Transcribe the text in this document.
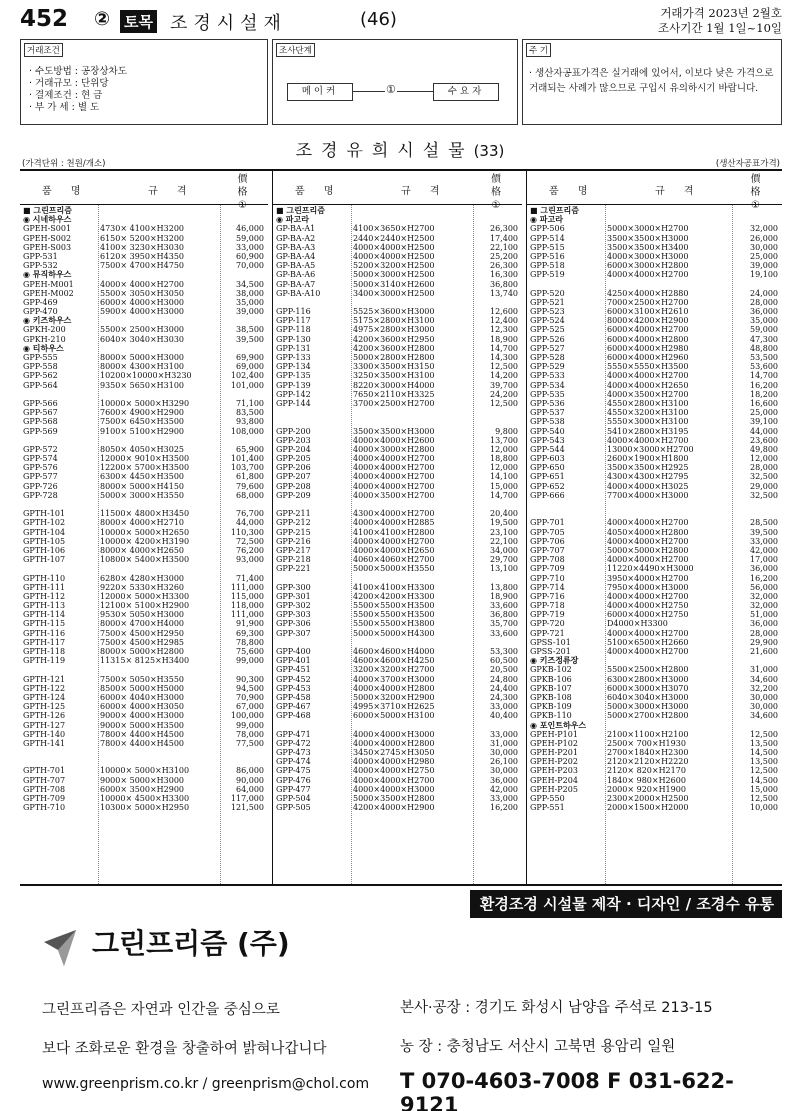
452 ② 토목 조경시설재	(46)	거래가격 2023년 2월호
조사기간 1월 1일~10일
거래조건
· 수도방법 : 공장상차도
· 거래규모 : 단위당
· 결제조건 : 현 금
· 부 가 세 : 별 도
조사단계
메이커	①	수요자
주 기
· 생산자공표가격은 실거래에 있어서, 이보다 낮은 가격으로 거래되는 사례가 많으므로 구입시 유의하시기 바랍니다.
조경유희시설물(33)
(가격단위 : 천원/개소)	(생산자공표가격)
품 명	규 격
價 格
①
■ 그린프리즘
◉ 시네하우스
GPEH-S001	4730× 4100×H3200	46,000
GPEH-S002	6150× 5200×H3200	59,000
GPEH-S003	4100× 3230×H3030	33,000
GPP-531	6120× 3950×H4350	60,900
GPP-532	7500× 4700×H4750	70,000
◉ 뮤직하우스
GPEH-M001	4000× 4000×H2700	34,500
GPEH-M002	5500× 3050×H3050	38,000
GPP-469	6000× 4000×H3000	35,000
GPP-470	5900× 4000×H3000	39,000
◉ 키즈하우스
GPKH-200	5500× 2500×H3000	38,500
GPKH-210	6040× 3040×H3030	39,500
◉ 티하우스
GPP-555	8000× 5000×H3000	69,900
GPP-558	8000× 4300×H3100	69,000
GPP-562	10200×10000×H3230	102,400
GPP-564	9350× 5650×H3100	101,000
GPP-566	10000× 5000×H3290	71,100
GPP-567	7600× 4900×H2900	83,500
GPP-568	7500× 6450×H3500	93,800
GPP-569	9100× 5100×H2900	108,000
GPP-572	8050× 4050×H3025	65,900
GPP-574	12000× 9010×H3500	101,400
GPP-576	12200× 5700×H3500	103,700
GPP-577	6300× 4450×H3500	61,800
GPP-726	8000× 5000×H4150	79,600
GPP-728	5000× 3000×H3550	68,000
GPTH-101	11500× 4800×H3450	76,700
GPTH-102	8000× 4000×H2710	44,000
GPTH-104	10000× 5000×H2650	110,300
GPTH-105	10000× 4200×H3190	72,500
GPTH-106	8000× 4000×H2650	76,200
GPTH-107	10800× 5400×H3500	93,000
GPTH-110	6280× 4280×H3000	71,400
GPTH-111	9220× 5330×H3260	111,000
GPTH-112	12000× 5000×H3300	115,000
GPTH-113	12100× 5100×H2900	118,000
GPTH-114	9530× 5050×H3000	111,000
GPTH-115	8000× 4700×H4000	91,900
GPTH-116	7500× 4500×H2950	69,300
GPTH-117	7500× 4500×H2985	78,800
GPTH-118	8000× 5000×H2800	75,600
GPTH-119	11315× 8125×H3400	99,000
GPTH-121	7500× 5050×H3550	90,300
GPTH-122	8500× 5000×H5000	94,500
GPTH-124	6000× 4040×H3000	70,900
GPTH-125	6000× 4000×H3050	67,000
GPTH-126	9000× 4000×H3000	100,000
GPTH-127	9000× 5000×H3500	99,000
GPTH-140	7800× 4400×H4500	78,000
GPTH-141	7800× 4400×H4500	77,500
GPTH-701	10000× 5000×H3100	86,000
GPTH-707	9000× 5000×H3000	90,000
GPTH-708	6000× 3500×H2900	64,000
GPTH-709	10000× 4500×H3300	117,000
GPTH-710	10300× 5000×H2950	121,500
품 명	규 격
價 格
①
■ 그린프리즘
◉ 파고라
GP-BA-A1	4100×3650×H2700	26,300
GP-BA-A2	2440×2440×H2500	17,400
GP-BA-A3	4000×4000×H2500	22,100
GP-BA-A4	4000×4000×H2500	25,200
GP-BA-A5	5200×3200×H2500	26,300
GP-BA-A6	5000×3000×H2500	16,300
GP-BA-A7	5000×3140×H2600	36,800
GP-BA-A10	3400×3000×H2500	13,740
GPP-116	5525×3600×H3000	12,600
GPP-117	5175×2800×H3100	12,400
GPP-118	4975×2800×H3000	12,300
GPP-130	4200×3600×H2950	18,900
GPP-131	4200×3600×H2800	14,700
GPP-133	5000×2800×H2800	14,300
GPP-134	3300×3500×H3150	12,500
GPP-135	3250×3500×H3100	14,200
GPP-139	8220×3000×H4000	39,700
GPP-142	7650×2110×H3325	24,200
GPP-144	3700×2500×H2700	12,500
GPP-200	3500×3500×H3000	9,800
GPP-203	4000×4000×H2600	13,700
GPP-204	4000×3000×H2800	12,000
GPP-205	4000×4000×H2700	18,800
GPP-206	4000×4000×H2700	12,000
GPP-207	4000×4000×H2700	14,100
GPP-208	4000×4000×H2700	15,000
GPP-209	4000×3500×H2700	14,700
GPP-211	4300×4000×H2700	20,400
GPP-212	4000×4000×H2885	19,500
GPP-215	4100×4100×H2800	23,100
GPP-216	4000×4000×H2700	22,100
GPP-217	4000×4000×H2650	34,000
GPP-218	4060×4060×H2700	29,700
GPP-221	5000×5000×H3550	13,100
GPP-300	4100×4100×H3300	13,800
GPP-301	4200×4200×H3300	18,900
GPP-302	5500×5500×H3500	33,600
GPP-303	5500×5500×H3500	36,800
GPP-306	5500×5500×H3800	35,700
GPP-307	5000×5000×H4300	33,600
GPP-400	4600×4600×H4000	53,300
GPP-401	4600×4600×H4250	60,500
GPP-451	3200×3200×H2700	20,500
GPP-452	4000×3700×H3000	24,800
GPP-453	4000×4000×H2800	24,400
GPP-458	5000×3200×H2900	24,300
GPP-467	4995×3710×H2625	33,000
GPP-468	6000×5000×H3100	40,400
GPP-471	4000×4000×H3000	33,000
GPP-472	4000×4000×H2800	31,000
GPP-473	3450×2745×H3050	30,000
GPP-474	4000×4000×H2980	26,100
GPP-475	4000×4000×H2750	30,000
GPP-476	4000×4000×H2700	36,000
GPP-477	4000×4000×H3000	42,000
GPP-504	5000×3500×H2800	33,000
GPP-505	4200×4000×H2900	16,200
품 명	규 격
價 格
①
■ 그린프리즘
◉ 파고라
GPP-506	5000×3000×H2700	32,000
GPP-514	3500×3500×H3000	26,000
GPP-515	3500×3500×H3400	30,000
GPP-516	4000×3000×H3000	25,000
GPP-518	6000×3000×H2800	39,000
GPP-519	4000×4000×H2700	19,100
GPP-520	4250×4000×H2880	24,000
GPP-521	7000×2500×H2700	28,000
GPP-523	6000×3100×H2610	36,000
GPP-524	8000×4200×H2900	35,000
GPP-525	6000×4000×H2700	59,000
GPP-526	6000×4000×H2800	47,300
GPP-527	6000×4000×H2980	48,800
GPP-528	6000×4000×H2960	53,500
GPP-529	5550×5550×H3500	53,600
GPP-533	4000×4000×H2700	14,700
GPP-534	4000×4000×H2650	16,200
GPP-535	4000×3500×H2700	18,200
GPP-536	4550×2800×H3100	16,600
GPP-537	4550×3200×H3100	25,000
GPP-538	5550×3000×H3100	39,100
GPP-540	5410×2800×H3195	44,000
GPP-543	4000×4000×H2700	23,600
GPP-544	13000×3000×H2700	49,800
GPP-603	2600×1900×H1800	12,000
GPP-650	3500×3500×H2925	28,000
GPP-651	4300×4300×H2795	32,500
GPP-652	4000×4000×H3025	29,000
GPP-666	7700×4000×H3000	32,500
GPP-701	4000×4000×H2700	28,500
GPP-705	4050×4000×H2800	39,500
GPP-706	4000×4000×H2700	33,000
GPP-707	5000×5000×H2800	42,000
GPP-708	4000×4000×H2700	17,000
GPP-709	11220×4490×H3000	36,000
GPP-710	3950×4000×H2700	16,200
GPP-714	7950×4000×H3000	56,000
GPP-716	4000×4000×H2700	32,000
GPP-718	4000×4000×H2750	32,000
GPP-719	6000×4000×H2750	51,000
GPP-720	D4000×H3300	36,000
GPP-721	4000×4000×H2700	28,000
GPSS-101	5100×6500×H2660	29,900
GPSS-201	4000×4000×H2700	21,600
◉ 키즈정류장
GPKB-102	5500×2500×H2800	31,000
GPKB-106	6300×2800×H3000	34,600
GPKB-107	6000×3000×H3070	32,200
GPKB-108	6040×3040×H3000	30,000
GPKB-109	5000×3000×H3000	30,000
GPKB-110	5000×2700×H2800	34,600
◉ 포인트하우스
GPEH-P101	2100×1100×H2100	12,500
GPEH-P102	2500× 700×H1930	13,500
GPEH-P201	2700×1840×H2300	14,500
GPEH-P202	2120×2120×H2220	13,500
GPEH-P203	2120× 820×H2170	12,500
GPEH-P204	1840× 980×H2600	14,500
GPEH-P205	2000× 920×H1900	15,000
GPP-550	2300×2000×H2500	12,500
GPP-551	2000×1500×H2000	10,000
환경조경 시설물 제작 · 디자인 / 조경수 유통
그린프리즘 (주)
그린프리즘은 자연과 인간을 중심으로
보다 조화로운 환경을 창출하여 밝혀나갑니다
www.greenprism.co.kr / greenprism@chol.com
본사·공장 : 경기도 화성시 남양읍 주석로 213-15
농 장 : 충청남도 서산시 고북면 용암리 일원
T 070-4603-7008 F 031-622-9121
